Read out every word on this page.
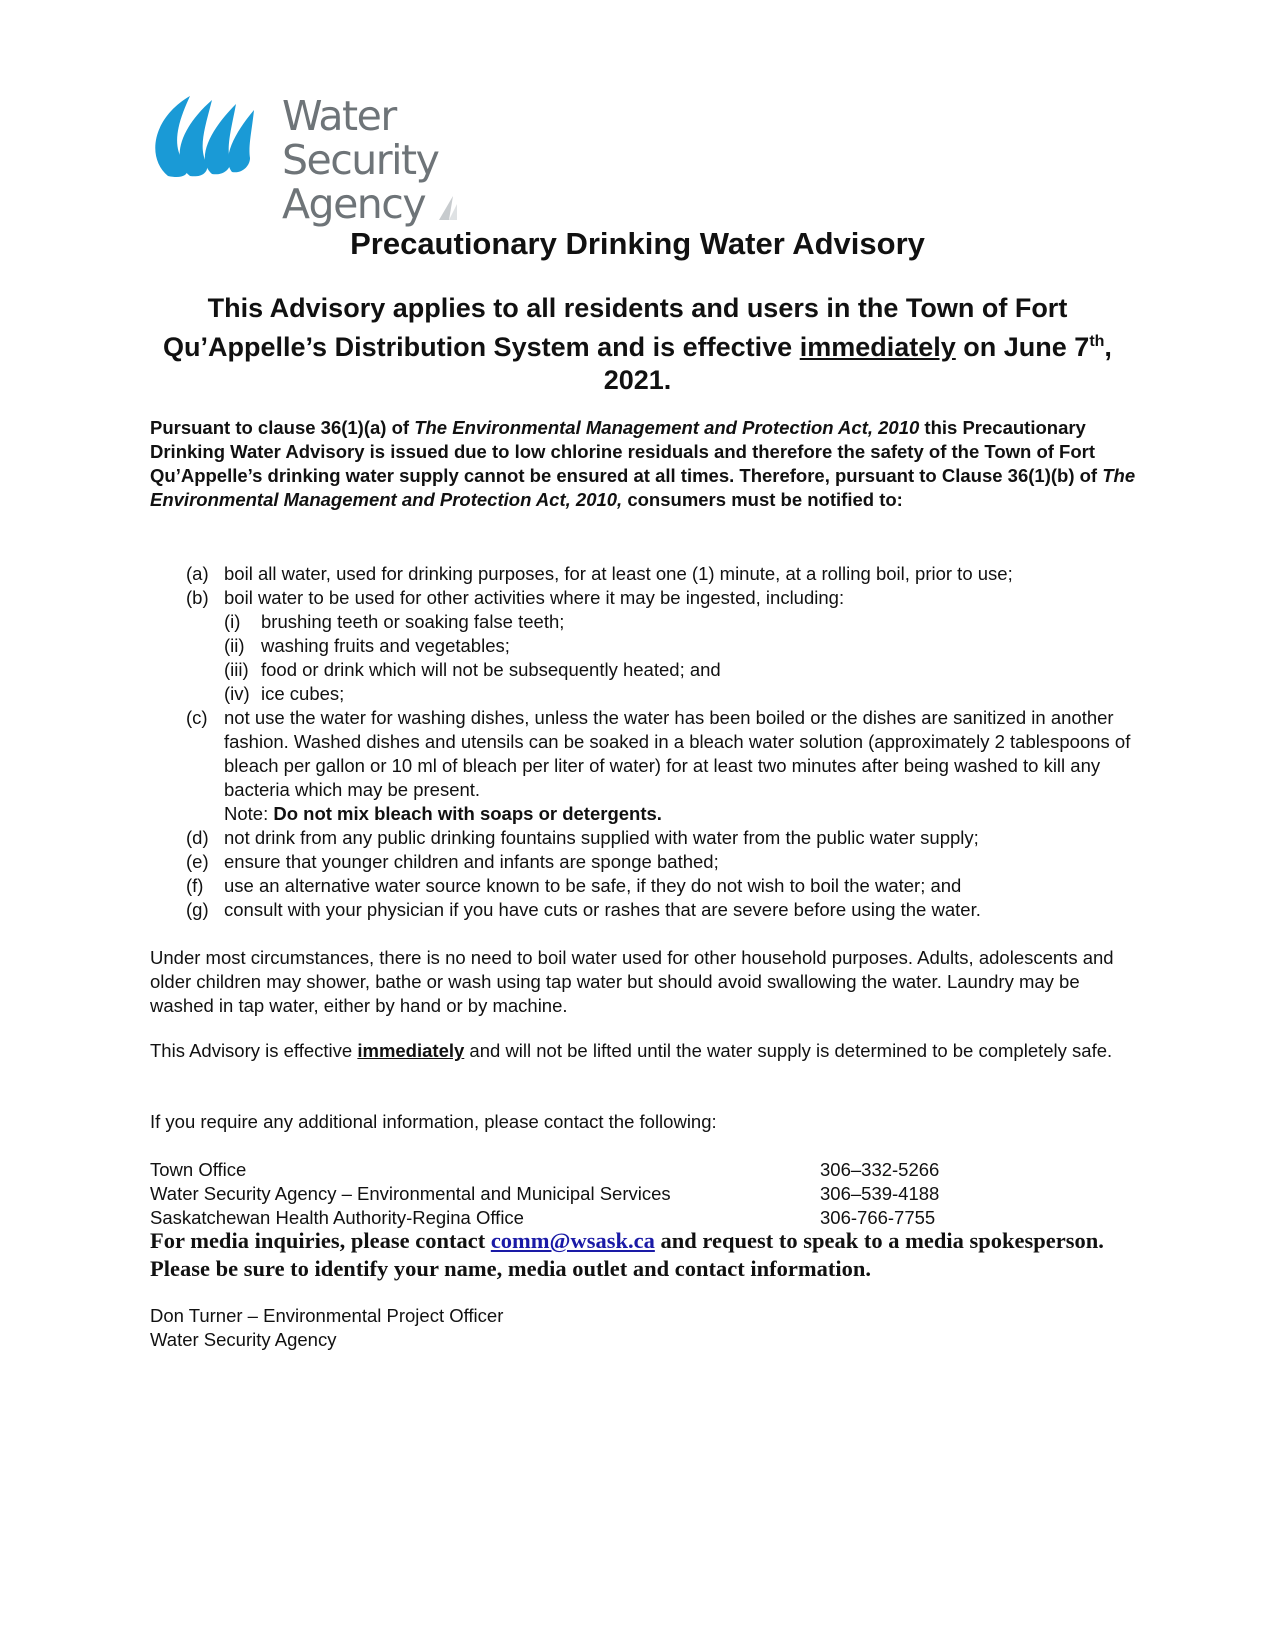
Water Security
Agency
Precautionary Drinking Water Advisory
This Advisory applies to all residents and users in the Town of Fort Qu’Appelle’s Distribution System and is effective immediately on June 7th, 2021.
Pursuant to clause 36(1)(a) of The Environmental Management and Protection Act, 2010 this Precautionary Drinking Water Advisory is issued due to low chlorine residuals and therefore the safety of the Town of Fort Qu’Appelle’s drinking water supply cannot be ensured at all times. Therefore, pursuant to Clause 36(1)(b) of The Environmental Management and Protection Act, 2010, consumers must be notified to:
(a) boil all water, used for drinking purposes, for at least one (1) minute, at a rolling boil, prior to use;
(b) boil water to be used for other activities where it may be ingested, including:
(i) brushing teeth or soaking false teeth;
(ii) washing fruits and vegetables;
(iii) food or drink which will not be subsequently heated; and
(iv) ice cubes;
(c) not use the water for washing dishes, unless the water has been boiled or the dishes are sanitized in another fashion. Washed dishes and utensils can be soaked in a bleach water solution (approximately 2 tablespoons of bleach per gallon or 10 ml of bleach per liter of water) for at least two minutes after being washed to kill any bacteria which may be present.
Note: Do not mix bleach with soaps or detergents.
(d) not drink from any public drinking fountains supplied with water from the public water supply;
(e) ensure that younger children and infants are sponge bathed;
(f) use an alternative water source known to be safe, if they do not wish to boil the water; and
(g) consult with your physician if you have cuts or rashes that are severe before using the water.
Under most circumstances, there is no need to boil water used for other household purposes. Adults, adolescents and older children may shower, bathe or wash using tap water but should avoid swallowing the water. Laundry may be washed in tap water, either by hand or by machine.
This Advisory is effective immediately and will not be lifted until the water supply is determined to be completely safe.
If you require any additional information, please contact the following:
Town Office	306–332-5266
Water Security Agency – Environmental and Municipal Services	306–539-4188
Saskatchewan Health Authority-Regina Office	306-766-7755
For media inquiries, please contact comm@wsask.ca and request to speak to a media spokesperson. Please be sure to identify your name, media outlet and contact information.
Don Turner – Environmental Project Officer
Water Security Agency
